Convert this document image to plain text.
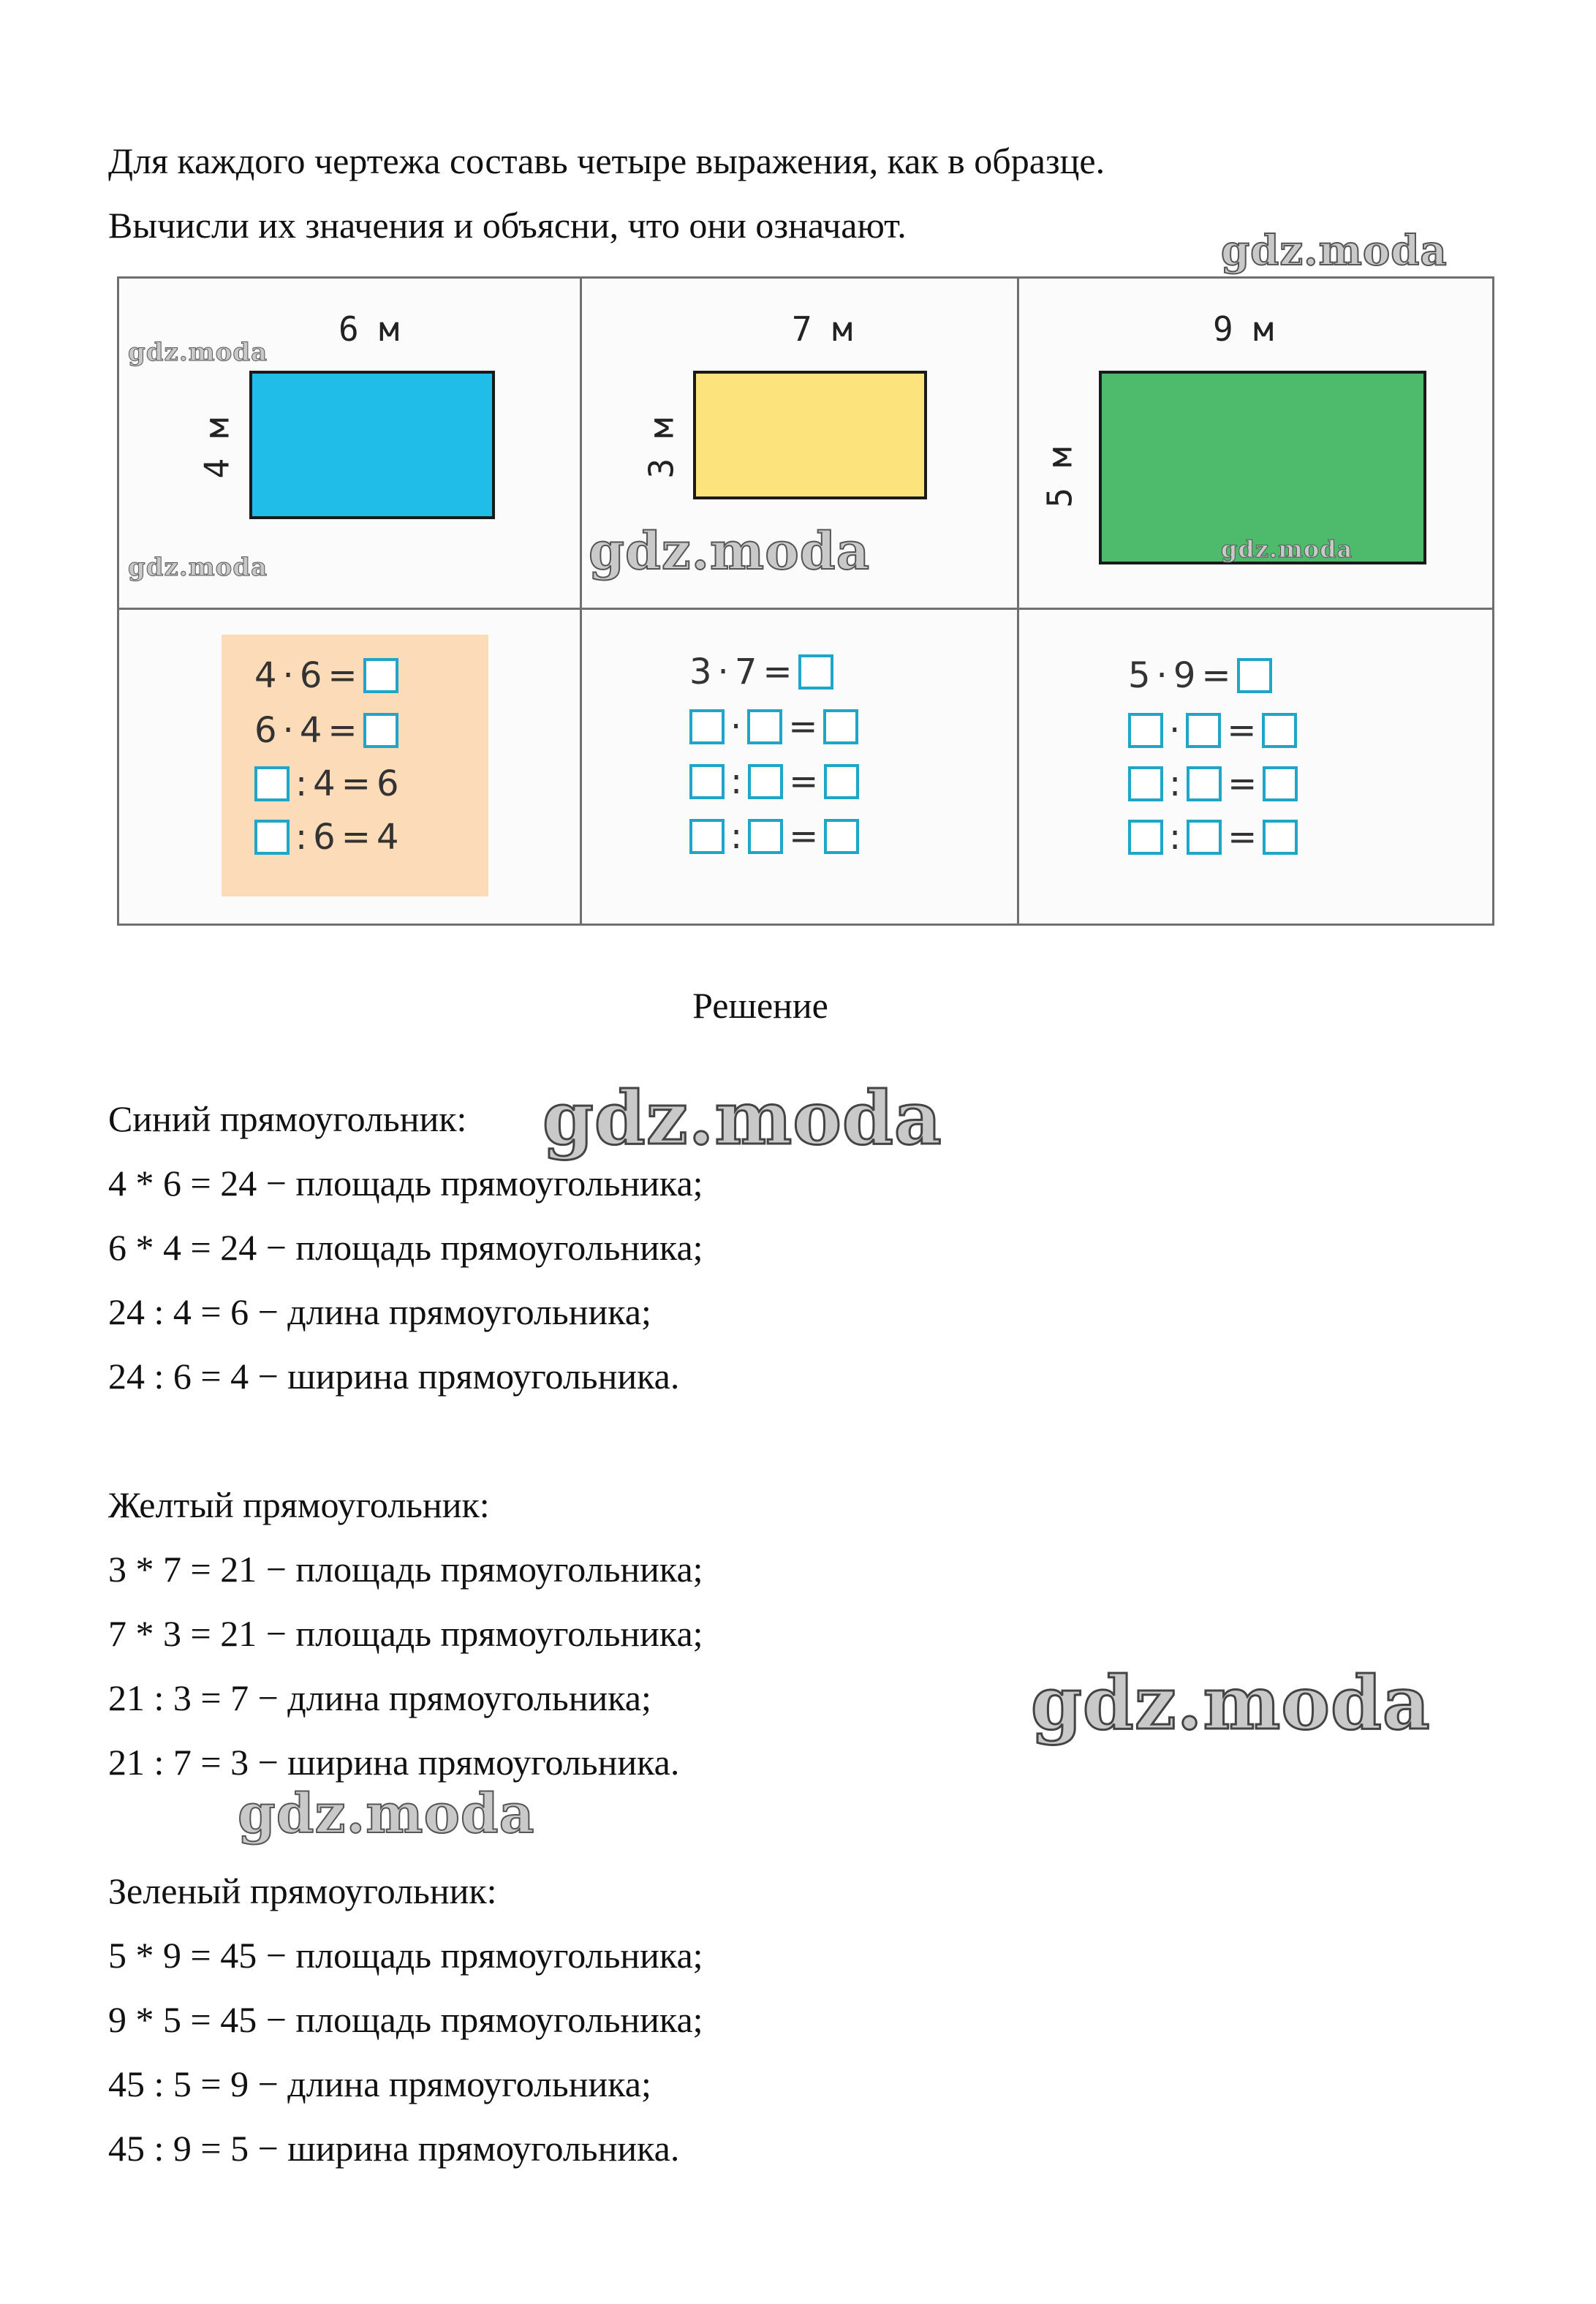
Для каждого чертежа составь четыре выражения, как в образце.

Вычисли их значения и объясни, что они означают.

6 м
4 м
7 м
3 м
9 м
5 м
4 · 6 =
6 · 4 =
: 4 = 6
: 6 = 4
3 · 7 =
· =
: =
: =
5 · 9 =
· =
: =
: =
Решение

Синий прямоугольник:

4 * 6 = 24 − площадь прямоугольника;

6 * 4 = 24 − площадь прямоугольника;

24 : 4 = 6 − длина прямоугольника;

24 : 6 = 4 − ширина прямоугольника.

Желтый прямоугольник:

3 * 7 = 21 − площадь прямоугольника;

7 * 3 = 21 − площадь прямоугольника;

21 : 3 = 7 − длина прямоугольника;

21 : 7 = 3 − ширина прямоугольника.

Зеленый прямоугольник:

5 * 9 = 45 − площадь прямоугольника;

9 * 5 = 45 − площадь прямоугольника;

45 : 5 = 9 − длина прямоугольника;

45 : 9 = 5 − ширина прямоугольника.

gdz.moda
gdz.moda
gdz.moda	gdz.moda	gdz.moda
gdz.moda
gdz.moda
gdz.moda
